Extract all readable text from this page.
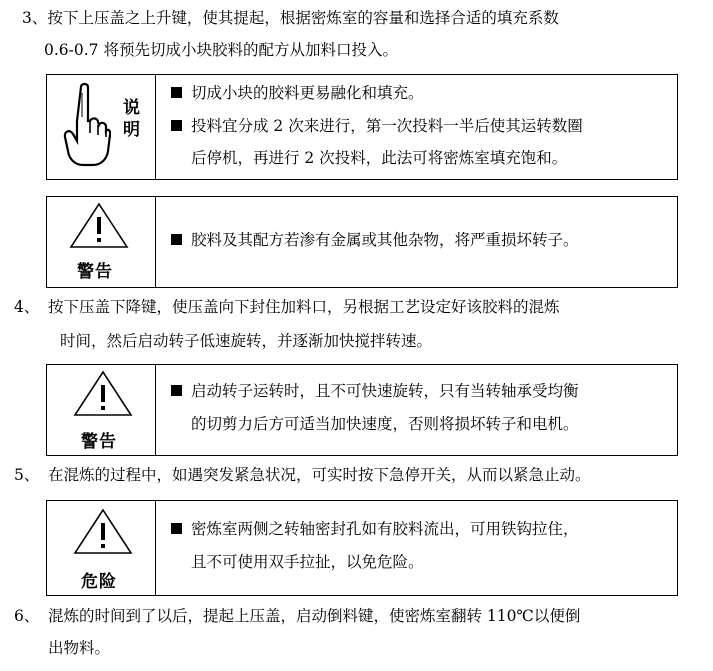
3、按下上压盖之上升键，使其提起，根据密炼室的容量和选择合适的填充系数
0.6-0.7 将预先切成小块胶料的配方从加料口投入。
说明
切成小块的胶料更易融化和填充。
投料宜分成 2 次来进行，第一次投料一半后使其运转数圈
后停机，再进行 2 次投料，此法可将密炼室填充饱和。
警告
胶料及其配方若渗有金属或其他杂物，将严重损坏转子。
4、 按下压盖下降键，使压盖向下封住加料口，另根据工艺设定好该胶料的混炼
时间，然后启动转子低速旋转，并逐渐加快搅拌转速。
警告
启动转子运转时，且不可快速旋转，只有当转轴承受均衡
的切剪力后方可适当加快速度，否则将损坏转子和电机。
5、 在混炼的过程中，如遇突发紧急状况，可实时按下急停开关，从而以紧急止动。
危险
密炼室两侧之转轴密封孔如有胶料流出，可用铁钩拉住，
且不可使用双手拉扯，以免危险。
6、 混炼的时间到了以后，提起上压盖，启动倒料键，使密炼室翻转 110℃以便倒
出物料。
